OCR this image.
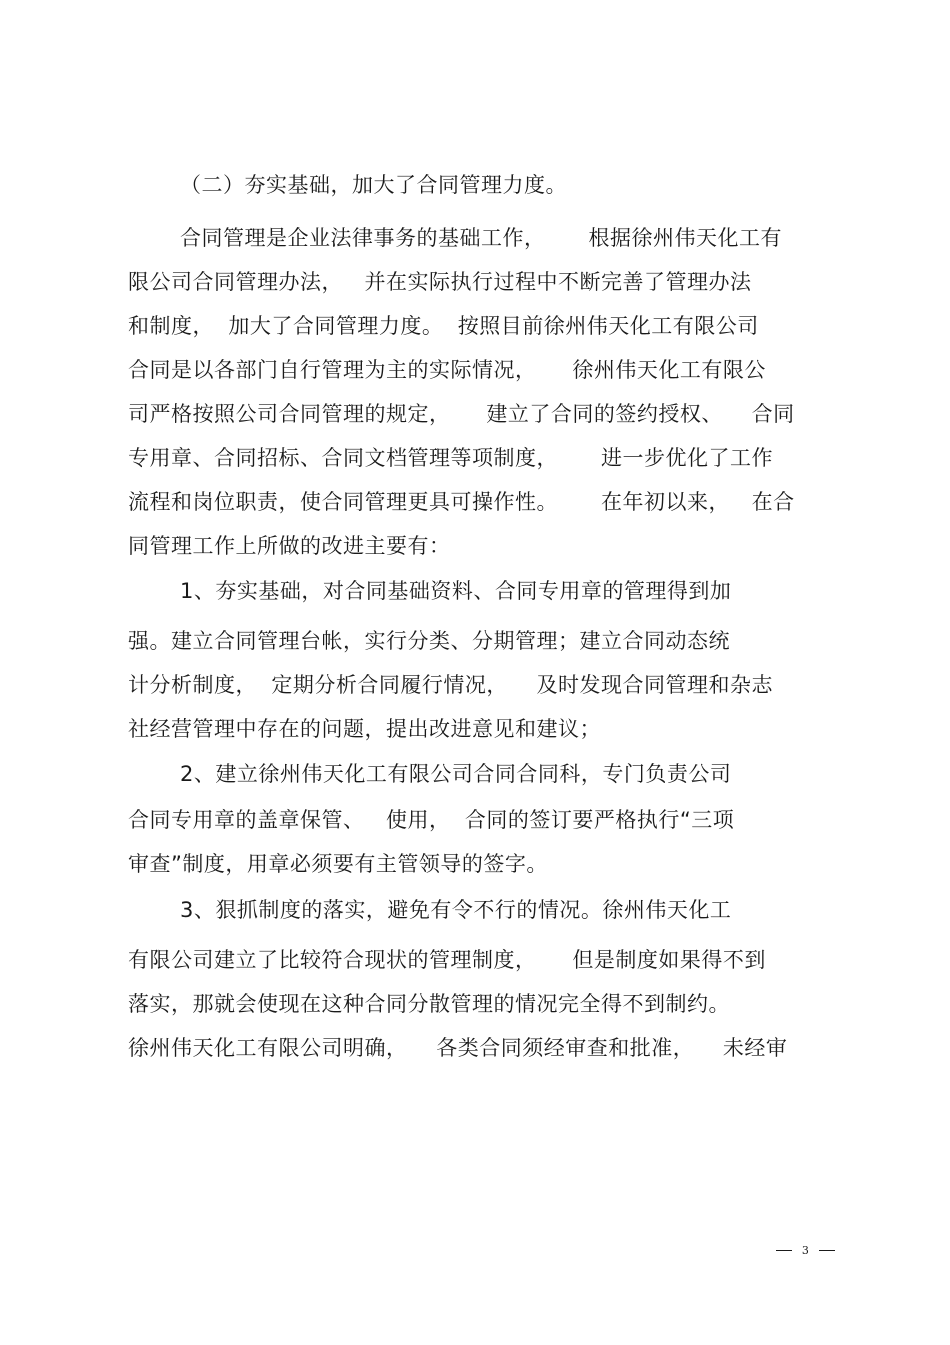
（二）夯实基础，加大了合同管理力度。
合同管理是企业法律事务的基础工作，      根据徐州伟天化工有
限公司合同管理办法，   并在实际执行过程中不断完善了管理办法
和制度，  加大了合同管理力度。  按照目前徐州伟天化工有限公司
合同是以各部门自行管理为主的实际情况，     徐州伟天化工有限公
司严格按照公司合同管理的规定，     建立了合同的签约授权、    合同
专用章、合同招标、合同文档管理等项制度，      进一步优化了工作
流程和岗位职责，使合同管理更具可操作性。      在年初以来，   在合
同管理工作上所做的改进主要有：
1、夯实基础，对合同基础资料、合同专用章的管理得到加
强。建立合同管理台帐，实行分类、分期管理；建立合同动态统
计分析制度，  定期分析合同履行情况，    及时发现合同管理和杂志
社经营管理中存在的问题，提出改进意见和建议；
2、建立徐州伟天化工有限公司合同合同科，专门负责公司
合同专用章的盖章保管、   使用，  合同的签订要严格执行“三项
审查”制度，用章必须要有主管领导的签字。
3、狠抓制度的落实，避免有令不行的情况。徐州伟天化工
有限公司建立了比较符合现状的管理制度，     但是制度如果得不到
落实，那就会使现在这种合同分散管理的情况完全得不到制约。
徐州伟天化工有限公司明确，    各类合同须经审查和批准，    未经审

3
